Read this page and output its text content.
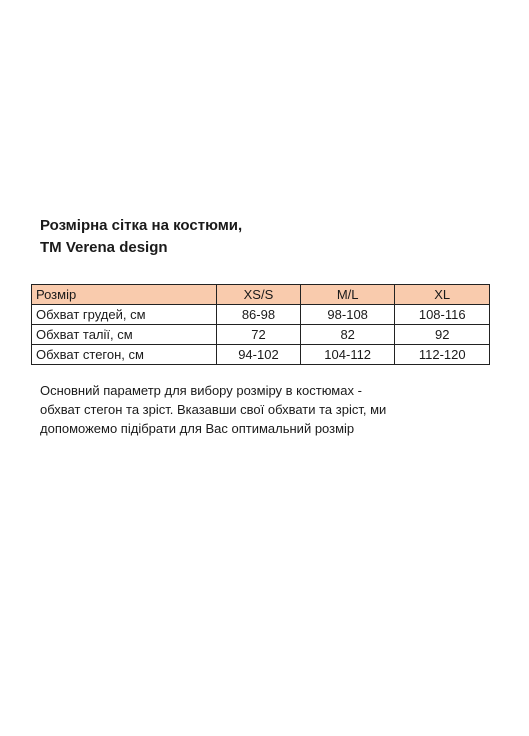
Розмірна сітка на костюми,
TM Verena design
Розмір	XS/S	M/L	XL
Обхват грудей, см	86-98	98-108	108-116
Обхват талії, см	72	82	92
Обхват стегон, см	94-102	104-112	112-120
Основний параметр для вибору розміру в костюмах -
обхват стегон та зріст. Вказавши свої обхвати та зріст, ми
допоможемо підібрати для Вас оптимальний розмір
